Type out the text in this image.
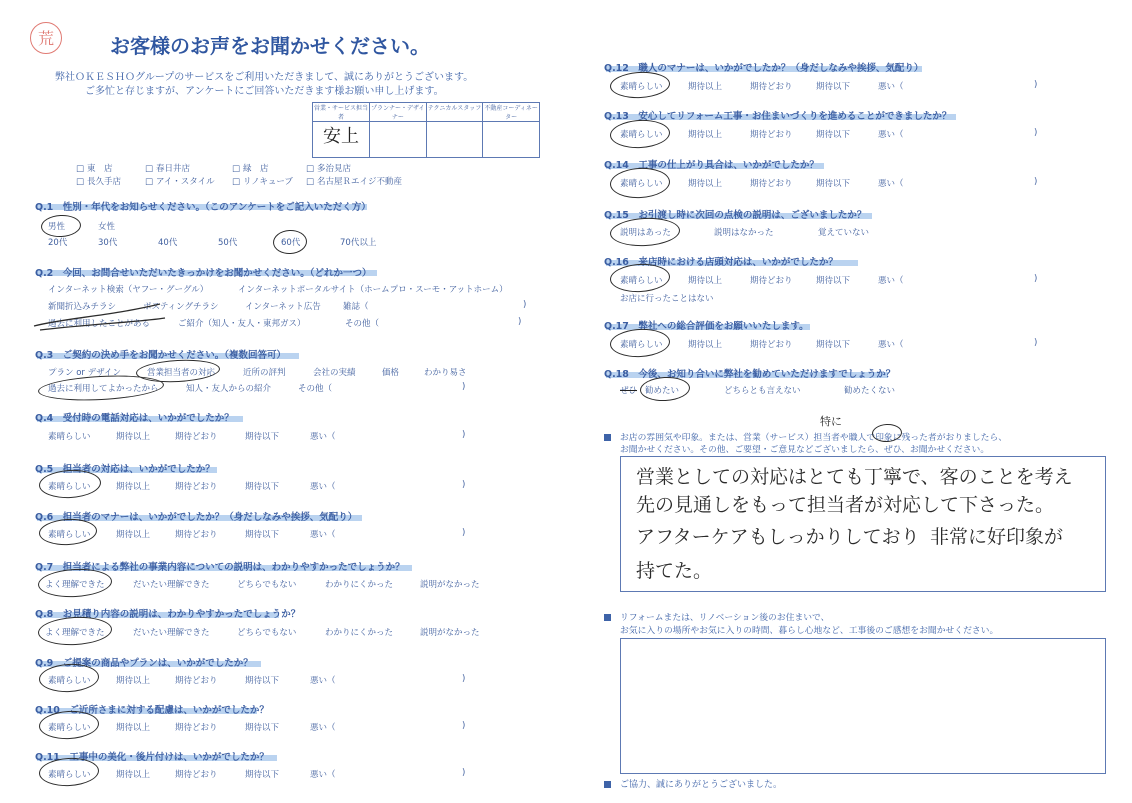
荒	お客様のお声をお聞かせください。
弊社ＯＫＥＳＨＯグループのサービスをご利用いただきまして、誠にありがとうございます。
ご多忙と存じますが、アンケートにご回答いただきます様お願い申し上げます。
営業・サービス担当者	プランナー・デザイナー	テクニカルスタッフ	不動産コーディネーター
安上			
□ 東　店	□ 春日井店	□ 緑　店	□ 多治見店
□ 長久手店	□ アイ・スタイル	□ リノキューブ	□ 名古屋Ｒエイジ不動産
Q.1　性別・年代をお知らせください。（このアンケートをご記入いただく方）
男性	女性
20代	30代	40代	50代	60代	70代以上
Q.2　今回、お問合せいただいたきっかけをお聞かせください。（どれか一つ）
インターネット検索（ヤフー・グーグル）	インターネットポータルサイト（ホームプロ・スーモ・アットホーム）
新聞折込みチラシ	ポスティングチラシ	インターネット広告	雑誌（	)
過去に利用したことがある	ご紹介（知人・友人・東邦ガス）	その他（	)
Q.3　ご契約の決め手をお聞かせください。（複数回答可）
プラン or デザイン	営業担当者の対応	近所の評判	会社の実績	価格	わかり易さ
過去に利用してよかったから	知人・友人からの紹介	その他（	)
Q.4　受付時の電話対応は、いかがでしたか？
素晴らしい	期待以上	期待どおり	期待以下	悪い（	)
Q.5　担当者の対応は、いかがでしたか？
素晴らしい	期待以上	期待どおり	期待以下	悪い（	)
Q.6　担当者のマナーは、いかがでしたか？（身だしなみや挨拶、気配り）
素晴らしい	期待以上	期待どおり	期待以下	悪い（	)
Q.7　担当者による弊社の事業内容についての説明は、わかりやすかったでしょうか？
よく理解できた	だいたい理解できた	どちらでもない	わかりにくかった	説明がなかった
Q.8　お見積り内容の説明は、わかりやすかったでしょうか？
よく理解できた	だいたい理解できた	どちらでもない	わかりにくかった	説明がなかった
Q.9　ご提案の商品やプランは、いかがでしたか？
素晴らしい	期待以上	期待どおり	期待以下	悪い（	)
Q.10　ご近所さまに対する配慮は、いかがでしたか？
素晴らしい	期待以上	期待どおり	期待以下	悪い（	)
Q.11　工事中の美化・後片付けは、いかがでしたか？
素晴らしい	期待以上	期待どおり	期待以下	悪い（	)
Q.12　職人のマナーは、いかがでしたか？（身だしなみや挨拶、気配り）
素晴らしい	期待以上	期待どおり	期待以下	悪い（	)
Q.13　安心してリフォーム工事・お住まいづくりを進めることができましたか？
素晴らしい	期待以上	期待どおり	期待以下	悪い（	)
Q.14　工事の仕上がり具合は、いかがでしたか？
素晴らしい	期待以上	期待どおり	期待以下	悪い（	)
Q.15　お引渡し時に次回の点検の説明は、ございましたか？
説明はあった	説明はなかった	覚えていない
Q.16　来店時における店頭対応は、いかがでしたか？
素晴らしい	期待以上	期待どおり	期待以下	悪い（	)
お店に行ったことはない
Q.17　弊社への総合評価をお願いいたします。
素晴らしい	期待以上	期待どおり	期待以下	悪い（	)
Q.18　今後、お知り合いに弊社を勧めていただけますでしょうか？
ぜひ 勧めたい	どちらとも言えない	勧めたくない
お店の雰囲気や印象。または、営業（サービス）担当者や職人で印象に残った者がおりましたら、
お聞かせください。その他、ご要望・ご意見などございましたら、ぜひ、お聞かせください。
特に
営業としての対応はとても丁寧で、客のことを考え
先の見通しをもって担当者が対応して下さった。
アフターケアもしっかりしており 非常に好印象が
持てた。
リフォームまたは、リノベーション後のお住まいで、
お気に入りの場所やお気に入りの時間、暮らし心地など、工事後のご感想をお聞かせください。
ご協力、誠にありがとうございました。
